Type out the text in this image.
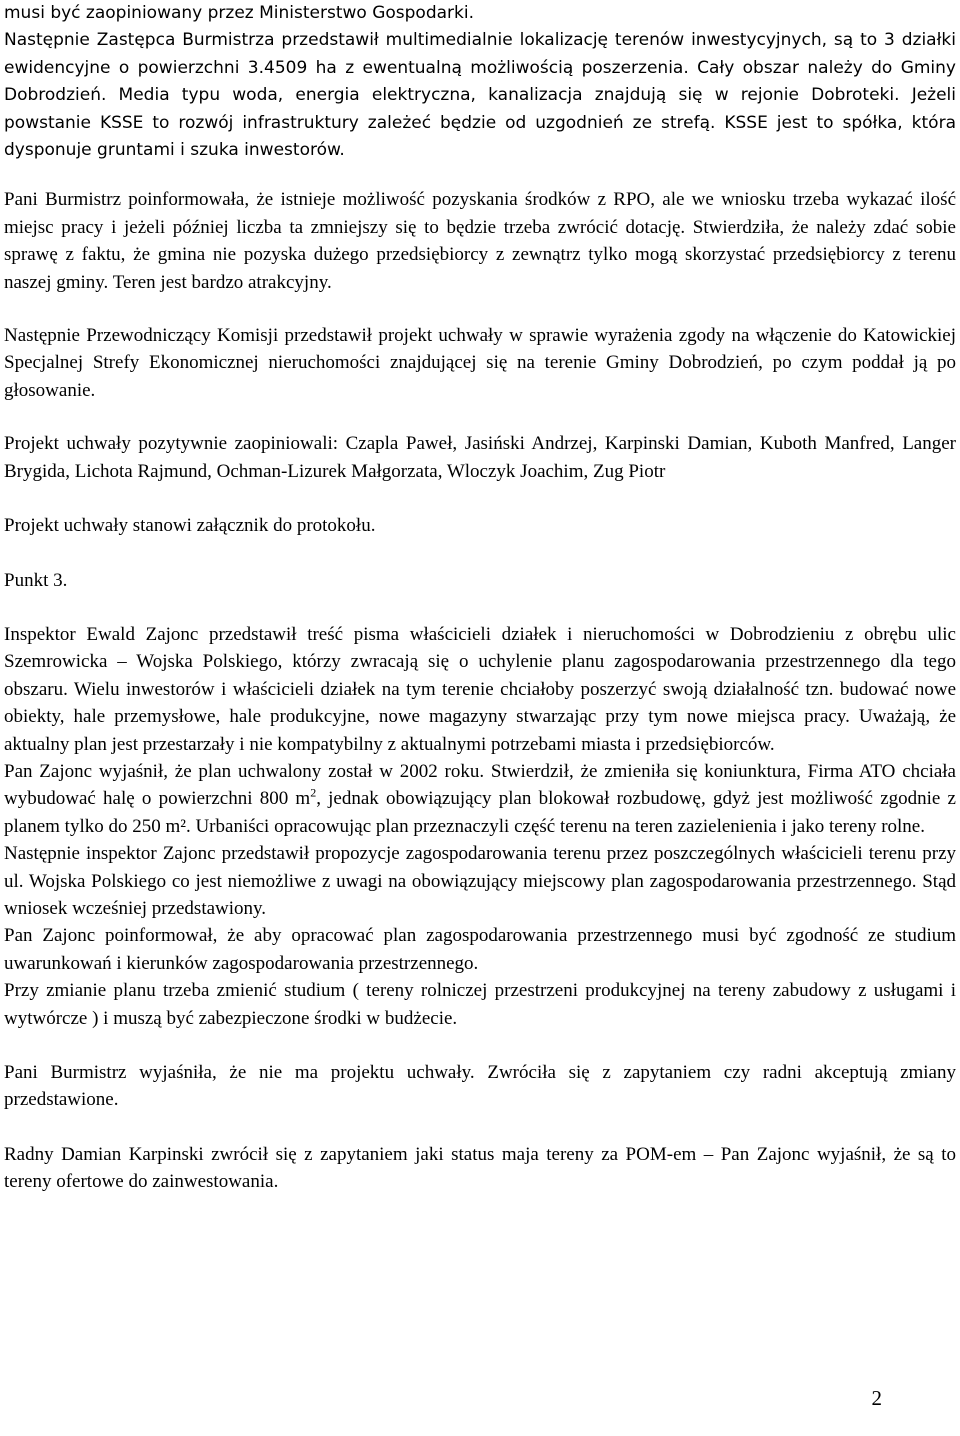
musi być zaopiniowany przez Ministerstwo Gospodarki.
Następnie Zastępca Burmistrza przedstawił multimedialnie lokalizację terenów inwestycyjnych, są to 3 działki ewidencyjne o powierzchni 3.4509 ha z ewentualną możliwością poszerzenia. Cały obszar należy do Gminy Dobrodzień. Media typu woda, energia elektryczna, kanalizacja znajdują się w rejonie Dobroteki. Jeżeli powstanie KSSE to rozwój infrastruktury zależeć będzie od uzgodnień ze strefą. KSSE jest to spółka, która dysponuje gruntami i szuka inwestorów.

Pani Burmistrz poinformowała, że istnieje możliwość pozyskania środków z RPO, ale we wniosku trzeba wykazać ilość miejsc pracy i jeżeli później liczba ta zmniejszy się to będzie trzeba zwrócić dotację. Stwierdziła, że należy zdać sobie sprawę z faktu, że gmina nie pozyska dużego przedsiębiorcy z zewnątrz tylko mogą skorzystać przedsiębiorcy z terenu naszej gminy. Teren jest bardzo atrakcyjny.

Następnie Przewodniczący Komisji przedstawił projekt uchwały w sprawie wyrażenia zgody na włączenie do Katowickiej Specjalnej Strefy Ekonomicznej nieruchomości znajdującej się na terenie Gminy Dobrodzień, po czym poddał ją po głosowanie.

Projekt uchwały pozytywnie zaopiniowali: Czapla Paweł, Jasiński Andrzej, Karpinski Damian, Kuboth Manfred, Langer Brygida, Lichota Rajmund, Ochman-Lizurek Małgorzata, Wloczyk Joachim, Zug Piotr

Projekt uchwały stanowi załącznik do protokołu.

Punkt 3.

Inspektor Ewald Zajonc przedstawił treść pisma właścicieli działek i nieruchomości w Dobrodzieniu z obrębu ulic Szemrowicka – Wojska Polskiego, którzy zwracają się o uchylenie planu zagospodarowania przestrzennego dla tego obszaru. Wielu inwestorów i właścicieli działek na tym terenie chciałoby poszerzyć swoją działalność tzn. budować nowe obiekty, hale przemysłowe, hale produkcyjne, nowe magazyny stwarzając przy tym nowe miejsca pracy. Uważają, że aktualny plan jest przestarzały i nie kompatybilny z aktualnymi potrzebami miasta i przedsiębiorców.

Pan Zajonc wyjaśnił, że plan uchwalony został w 2002 roku. Stwierdził, że zmieniła się koniunktura, Firma ATO chciała wybudować halę o powierzchni 800 $m^2$, jednak obowiązujący plan blokował rozbudowę, gdyż jest możliwość zgodnie z planem tylko do 250 m². Urbaniści opracowując plan przeznaczyli część terenu na teren zazielenienia i jako tereny rolne.

Następnie inspektor Zajonc przedstawił propozycje zagospodarowania terenu przez poszczególnych właścicieli terenu przy ul. Wojska Polskiego co jest niemożliwe z uwagi na obowiązujący miejscowy plan zagospodarowania przestrzennego. Stąd wniosek wcześniej przedstawiony.

Pan Zajonc poinformował, że aby opracować plan zagospodarowania przestrzennego musi być zgodność ze studium uwarunkowań i kierunków zagospodarowania przestrzennego.

Przy zmianie planu trzeba zmienić studium ( tereny rolniczej przestrzeni produkcyjnej na tereny zabudowy z usługami i wytwórcze ) i muszą być zabezpieczone środki w budżecie.

Pani Burmistrz wyjaśniła, że nie ma projektu uchwały. Zwróciła się z zapytaniem czy radni akceptują zmiany przedstawione.

Radny Damian Karpinski zwrócił się z zapytaniem jaki status maja tereny za POM-em – Pan Zajonc wyjaśnił, że są to tereny ofertowe do zainwestowania.

2
